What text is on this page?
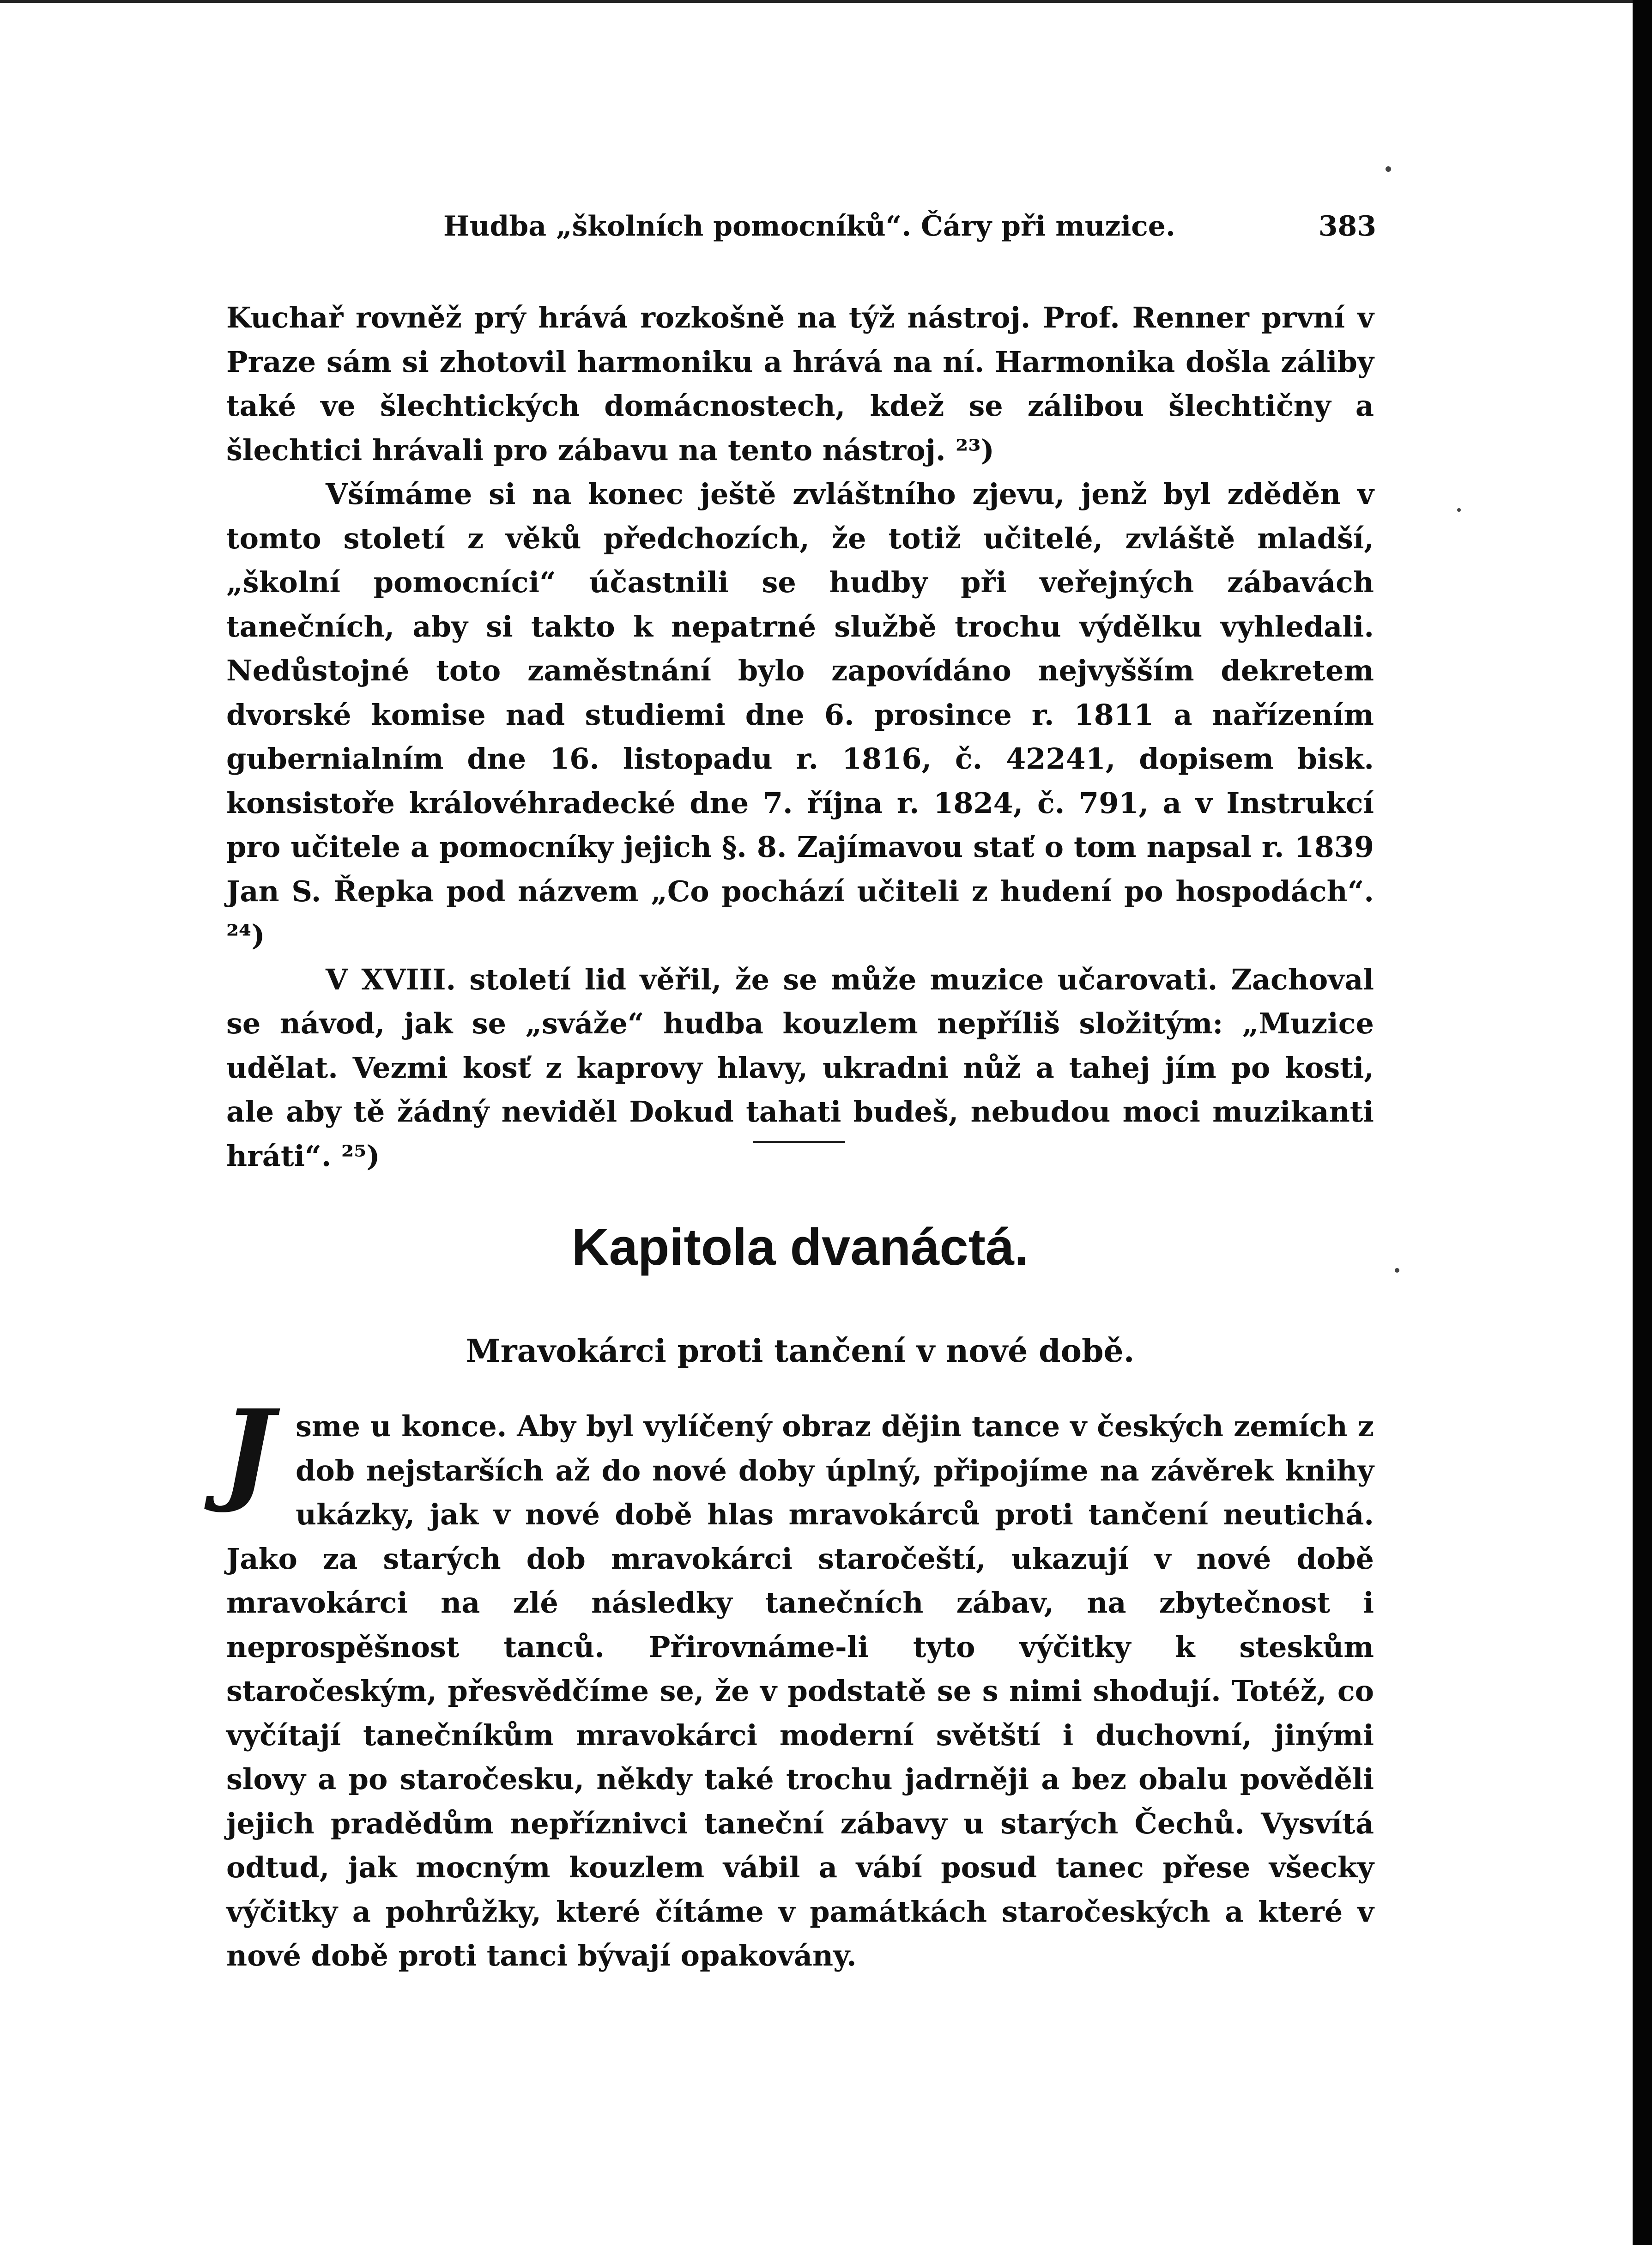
Hudba „školních pomocníků“. Čáry při muzice.	383

Kuchař rovněž prý hrává rozkošně na týž nástroj. Prof. Renner první v Praze sám si zhotovil harmoniku a hrává na ní. Harmonika došla záliby také ve šlechtických domácnostech, kdež se zálibou šlechtičny a šlechtici hrávali pro zábavu na tento nástroj. ²³)

Všímáme si na konec ještě zvláštního zjevu, jenž byl zděděn v tomto století z věků předchozích, že totiž učitelé, zvláště mladší, „školní pomocníci“ účastnili se hudby při veřejných zábavách tanečních, aby si takto k nepatrné službě trochu výdělku vyhledali. Nedůstojné toto zaměstnání bylo zapovídáno nejvyšším dekretem dvorské komise nad studiemi dne 6. prosince r. 1811 a nařízením gubernialním dne 16. listopadu r. 1816, č. 42241, dopisem bisk. konsistoře královéhradecké dne 7. října r. 1824, č. 791, a v Instrukcí pro učitele a pomocníky jejich §. 8. Zajímavou stať o tom napsal r. 1839 Jan S. Řepka pod názvem „Co pochází učiteli z hudení po hospodách“. ²⁴)

V XVIII. století lid věřil, že se může muzice učarovati. Zachoval se návod, jak se „sváže“ hudba kouzlem nepříliš složitým: „Muzice udělat. Vezmi kosť z kaprovy hlavy, ukradni nůž a tahej jím po kosti, ale aby tě žádný neviděl Dokud tahati budeš, nebudou moci muzikanti hráti“. ²⁵)

Kapitola dvanáctá.
Mravokárci proti tančení v nové době.
J sme u konce. Aby byl vylíčený obraz dějin tance v českých zemích z dob nejstarších až do nové doby úplný, připojíme na závěrek knihy ukázky, jak v nové době hlas mravokárců proti tančení neutichá. Jako za starých dob mravokárci staročeští, ukazují v nové době mravokárci na zlé následky tanečních zábav, na zbytečnost i neprospěšnost tanců. Přirovnáme-li tyto výčitky k steskům staročeským, přesvědčíme se, že v podstatě se s nimi shodují. Totéž, co vyčítají tanečníkům mravokárci moderní světští i duchovní, jinými slovy a po staročesku, někdy také trochu jadrněji a bez obalu pověděli jejich pradědům nepříznivci taneční zábavy u starých Čechů. Vysvítá odtud, jak mocným kouzlem vábil a vábí posud tanec přese všecky výčitky a pohrůžky, které čítáme v památkách staročeských a které v nové době proti tanci bývají opakovány.
